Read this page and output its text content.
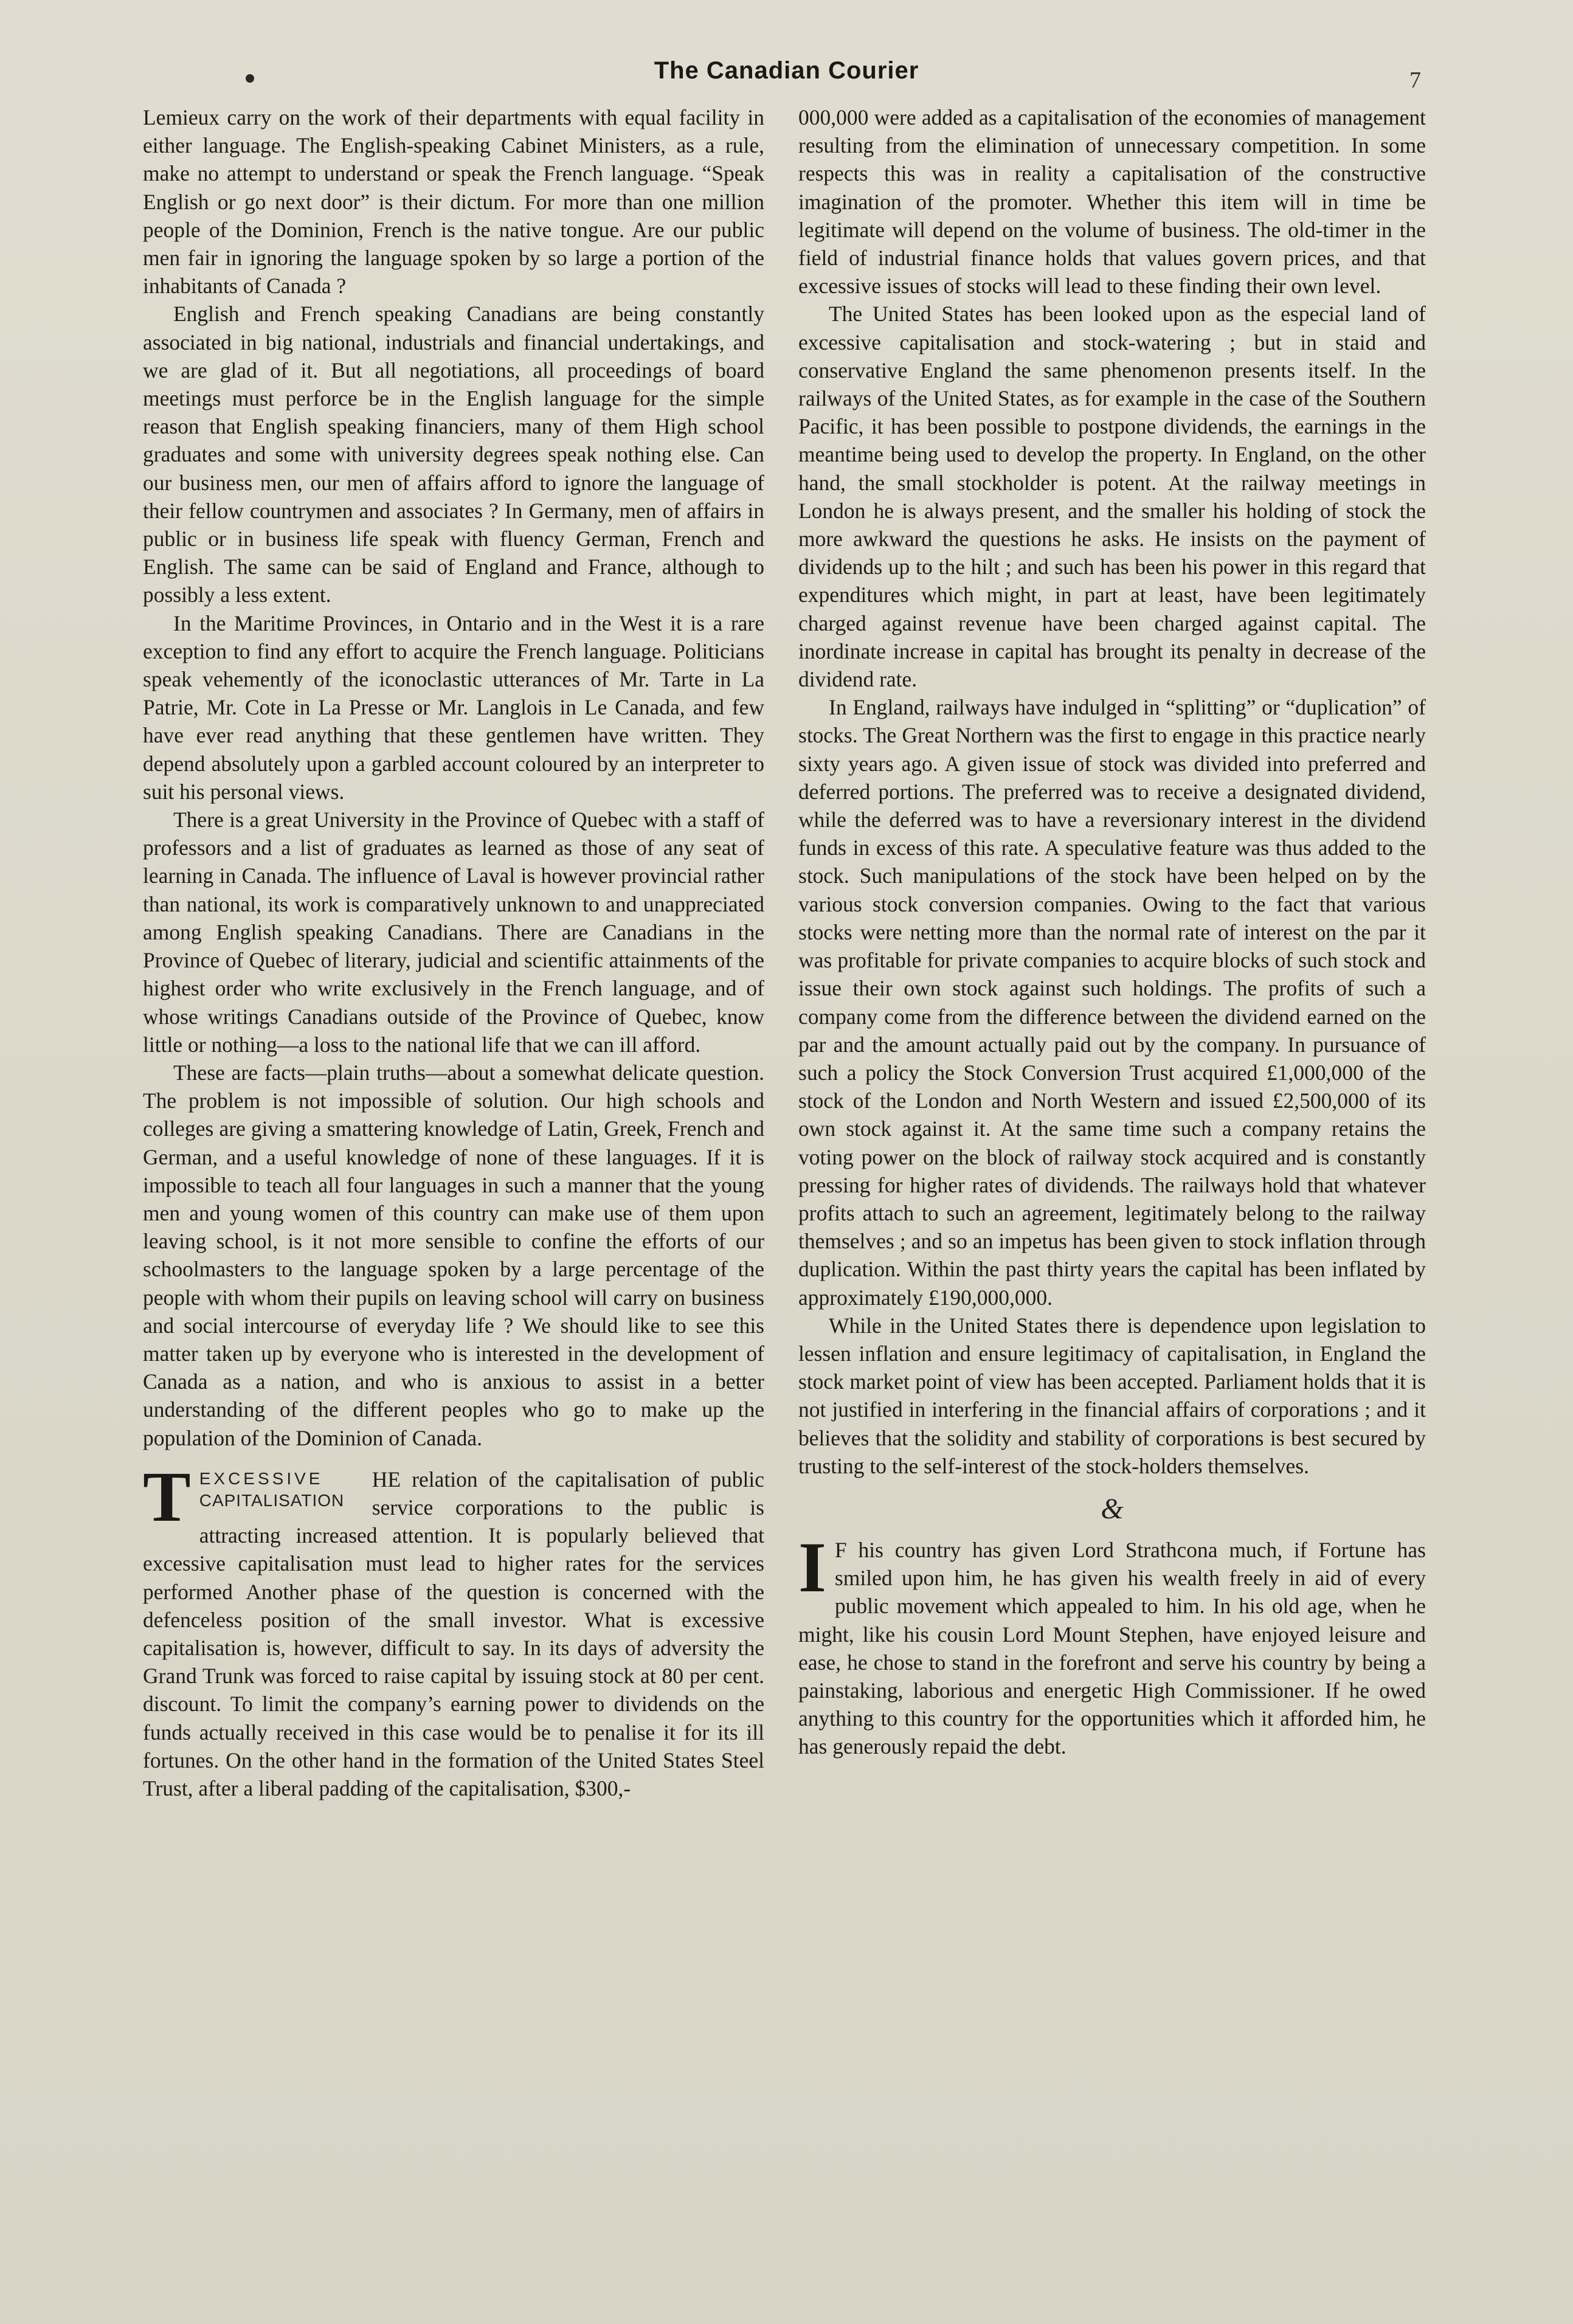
The Canadian Courier	7

Lemieux carry on the work of their departments with equal facility in either language. The English-speaking Cabinet Ministers, as a rule, make no attempt to understand or speak the French language. “Speak English or go next door” is their dictum. For more than one million people of the Dominion, French is the native tongue. Are our public men fair in ignoring the language spoken by so large a portion of the inhabitants of Canada ?

English and French speaking Canadians are being constantly associated in big national, industrials and financial undertakings, and we are glad of it. But all negotiations, all proceedings of board meetings must perforce be in the English language for the simple reason that English speaking financiers, many of them High school graduates and some with university degrees speak nothing else. Can our business men, our men of affairs afford to ignore the language of their fellow countrymen and associates ? In Germany, men of affairs in public or in business life speak with fluency German, French and English. The same can be said of England and France, although to possibly a less extent.

In the Maritime Provinces, in Ontario and in the West it is a rare exception to find any effort to acquire the French language. Politicians speak vehemently of the iconoclastic utterances of Mr. Tarte in La Patrie, Mr. Cote in La Presse or Mr. Langlois in Le Canada, and few have ever read anything that these gentlemen have written. They depend absolutely upon a garbled account coloured by an interpreter to suit his personal views.

There is a great University in the Province of Quebec with a staff of professors and a list of graduates as learned as those of any seat of learning in Canada. The influence of Laval is however provincial rather than national, its work is comparatively unknown to and unappreciated among English speaking Canadians. There are Canadians in the Province of Quebec of literary, judicial and scientific attainments of the highest order who write exclusively in the French language, and of whose writings Canadians outside of the Province of Quebec, know little or nothing—a loss to the national life that we can ill afford.

These are facts—plain truths—about a somewhat delicate question. The problem is not impossible of solution. Our high schools and colleges are giving a smattering knowledge of Latin, Greek, French and German, and a useful knowledge of none of these languages. If it is impossible to teach all four languages in such a manner that the young men and young women of this country can make use of them upon leaving school, is it not more sensible to confine the efforts of our schoolmasters to the language spoken by a large percentage of the people with whom their pupils on leaving school will carry on business and social intercourse of everyday life ? We should like to see this matter taken up by everyone who is interested in the development of Canada as a nation, and who is anxious to assist in a better understanding of the different peoples who go to make up the population of the Dominion of Canada.

T EXCESSIVE
CAPITALISATION

HE relation of the capitalisation of public service corporations to the public is attracting increased attention. It is popularly believed that excessive capitalisation must lead to higher rates for the services performed Another phase of the question is concerned with the defenceless position of the small investor. What is excessive capitalisation is, however, difficult to say. In its days of adversity the Grand Trunk was forced to raise capital by issuing stock at 80 per cent. discount. To limit the company’s earning power to dividends on the funds actually received in this case would be to penalise it for its ill fortunes. On the other hand in the formation of the United States Steel Trust, after a liberal padding of the capitalisation, $300,-

000,000 were added as a capitalisation of the economies of management resulting from the elimination of unnecessary competition. In some respects this was in reality a capitalisation of the constructive imagination of the promoter. Whether this item will in time be legitimate will depend on the volume of business. The old-timer in the field of industrial finance holds that values govern prices, and that excessive issues of stocks will lead to these finding their own level.

The United States has been looked upon as the especial land of excessive capitalisation and stock-watering ; but in staid and conservative England the same phenomenon presents itself. In the railways of the United States, as for example in the case of the Southern Pacific, it has been possible to postpone dividends, the earnings in the meantime being used to develop the property. In England, on the other hand, the small stockholder is potent. At the railway meetings in London he is always present, and the smaller his holding of stock the more awkward the questions he asks. He insists on the payment of dividends up to the hilt ; and such has been his power in this regard that expenditures which might, in part at least, have been legitimately charged against revenue have been charged against capital. The inordinate increase in capital has brought its penalty in decrease of the dividend rate.

In England, railways have indulged in “splitting” or “duplication” of stocks. The Great Northern was the first to engage in this practice nearly sixty years ago. A given issue of stock was divided into preferred and deferred portions. The preferred was to receive a designated dividend, while the deferred was to have a reversionary interest in the dividend funds in excess of this rate. A speculative feature was thus added to the stock. Such manipulations of the stock have been helped on by the various stock conversion companies. Owing to the fact that various stocks were netting more than the normal rate of interest on the par it was profitable for private companies to acquire blocks of such stock and issue their own stock against such holdings. The profits of such a company come from the difference between the dividend earned on the par and the amount actually paid out by the company. In pursuance of such a policy the Stock Conversion Trust acquired £1,000,000 of the stock of the London and North Western and issued £2,500,000 of its own stock against it. At the same time such a company retains the voting power on the block of railway stock acquired and is constantly pressing for higher rates of dividends. The railways hold that whatever profits attach to such an agreement, legitimately belong to the railway themselves ; and so an impetus has been given to stock inflation through duplication. Within the past thirty years the capital has been inflated by approximately £190,000,000.

While in the United States there is dependence upon legislation to lessen inflation and ensure legitimacy of capitalisation, in England the stock market point of view has been accepted. Parliament holds that it is not justified in interfering in the financial affairs of corporations ; and it believes that the solidity and stability of corporations is best secured by trusting to the self-interest of the stock-holders themselves.

&
I F his country has given Lord Strathcona much, if Fortune has smiled upon him, he has given his wealth freely in aid of every public movement which appealed to him. In his old age, when he might, like his cousin Lord Mount Stephen, have enjoyed leisure and ease, he chose to stand in the forefront and serve his country by being a painstaking, laborious and energetic High Commissioner. If he owed anything to this country for the opportunities which it afforded him, he has generously repaid the debt.
